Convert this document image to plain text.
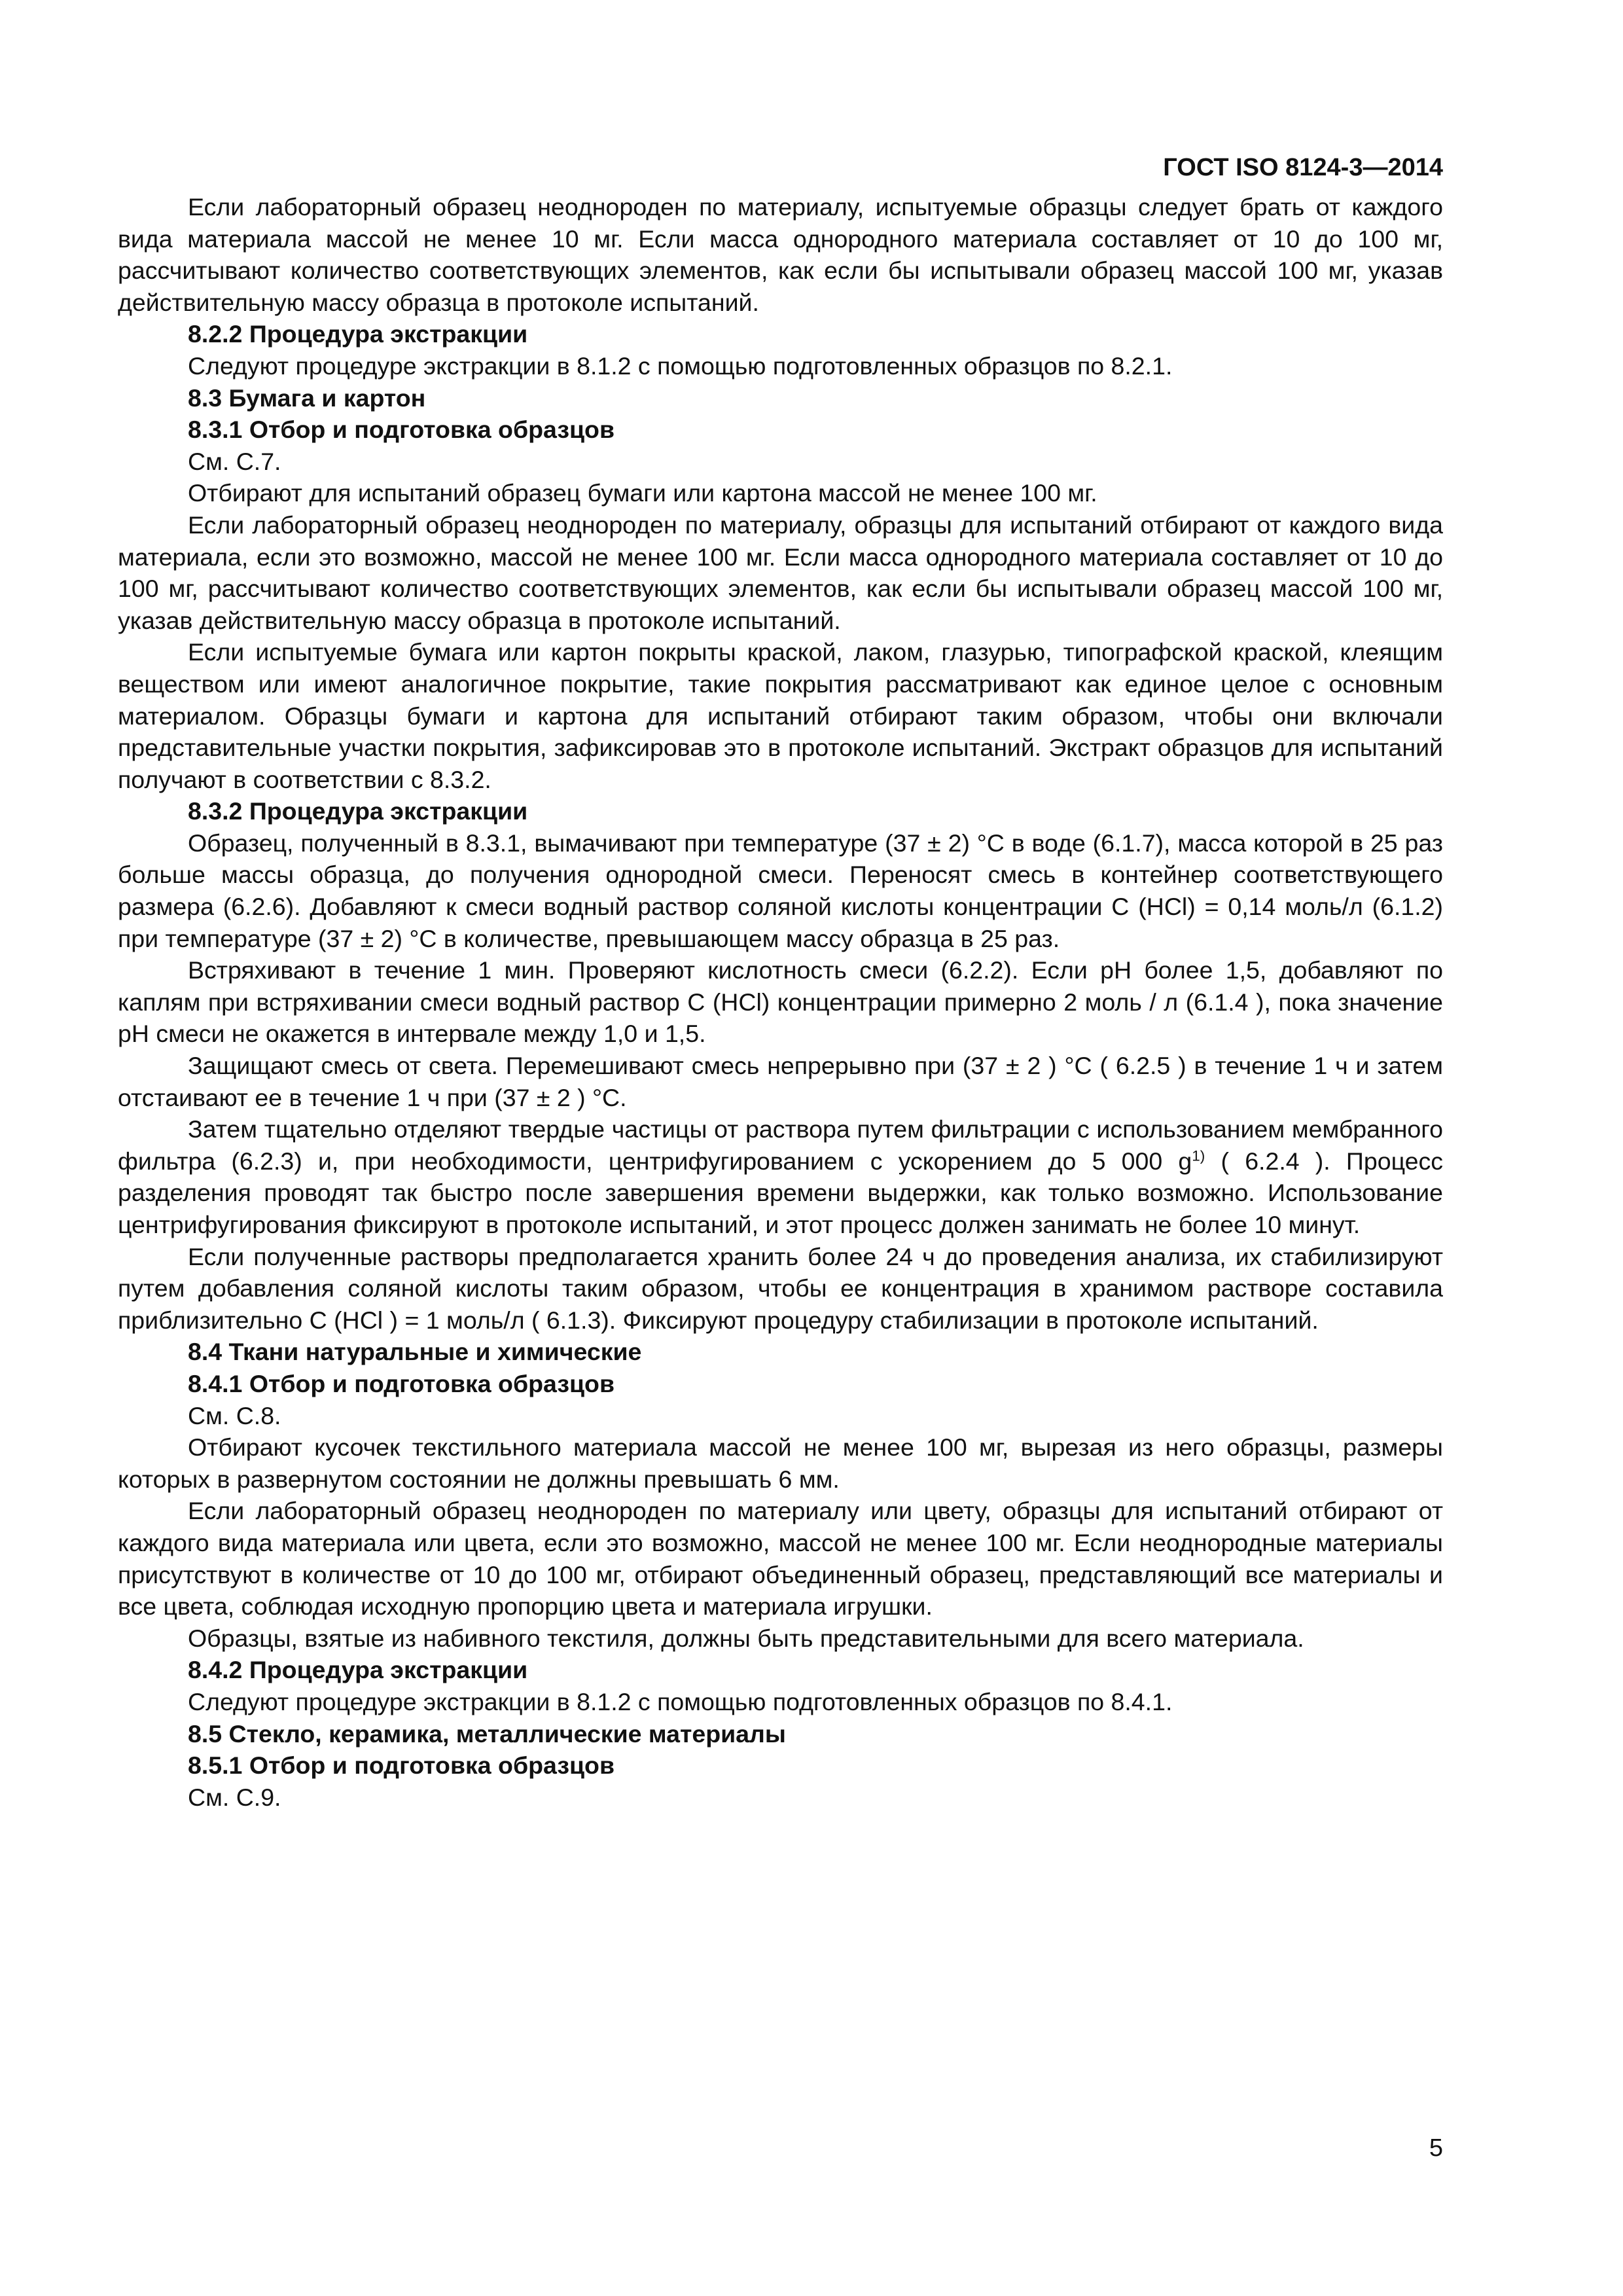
ГОСТ ISO 8124-3—2014

Если лабораторный образец неоднороден по материалу, испытуемые образцы следует брать от каждого вида материала массой не менее 10 мг. Если масса однородного материала составляет от 10 до 100 мг, рассчитывают количество соответствующих элементов, как если бы испытывали образец массой 100 мг, указав действительную массу образца в протоколе испытаний.

8.2.2 Процедура экстракции

Следуют процедуре экстракции в 8.1.2 с помощью подготовленных образцов по 8.2.1.

8.3 Бумага и картон

8.3.1 Отбор и подготовка образцов

См. С.7.

Отбирают для испытаний образец бумаги или картона массой не менее 100 мг.

Если лабораторный образец неоднороден по материалу, образцы для испытаний отбирают от каждого вида материала, если это возможно, массой не менее 100 мг. Если масса однородного материала составляет от 10 до 100 мг, рассчитывают количество соответствующих элементов, как если бы испытывали образец массой 100 мг, указав действительную массу образца в протоколе испытаний.

Если испытуемые бумага или картон покрыты краской, лаком, глазурью, типографской краской, клеящим веществом или имеют аналогичное покрытие, такие покрытия рассматривают как единое целое с основным материалом. Образцы бумаги и картона для испытаний отбирают таким образом, чтобы они включали представительные участки покрытия, зафиксировав это в протоколе испытаний. Экстракт образцов для испытаний получают в соответствии с 8.3.2.

8.3.2 Процедура экстракции

Образец, полученный в 8.3.1, вымачивают при температуре (37 ± 2) °С в воде (6.1.7), масса которой в 25 раз больше массы образца, до получения однородной смеси. Переносят смесь в контейнер соответствующего размера (6.2.6). Добавляют к смеси водный раствор соляной кислоты концентрации С (HCl) = 0,14 моль/л (6.1.2) при температуре (37 ± 2) °С в количестве, превышающем массу образца в 25 раз.

Встряхивают в течение 1 мин. Проверяют кислотность смеси (6.2.2). Если рН более 1,5, добавляют по каплям при встряхивании смеси водный раствор С (HCl) концентрации примерно 2 моль / л (6.1.4 ), пока значение рН смеси не окажется в интервале между 1,0 и 1,5.

Защищают смесь от света. Перемешивают смесь непрерывно при (37 ± 2 ) °С ( 6.2.5 ) в течение 1 ч и затем отстаивают ее в течение 1 ч при (37 ± 2 ) °С.

Затем тщательно отделяют твердые частицы от раствора путем фильтрации с использованием мембранного фильтра (6.2.3) и, при необходимости, центрифугированием с ускорением до 5 000 $g^{1)}$ ( 6.2.4 ). Процесс разделения проводят так быстро после завершения времени выдержки, как только возможно. Использование центрифугирования фиксируют в протоколе испытаний, и этот процесс должен занимать не более 10 минут.

Если полученные растворы предполагается хранить более 24 ч до проведения анализа, их стабилизируют путем добавления соляной кислоты таким образом, чтобы ее концентрация в хранимом растворе составила приблизительно С (HCl ) = 1 моль/л ( 6.1.3). Фиксируют процедуру стабилизации в протоколе испытаний.

8.4 Ткани натуральные и химические

8.4.1 Отбор и подготовка образцов

См. С.8.

Отбирают кусочек текстильного материала массой не менее 100 мг, вырезая из него образцы, размеры которых в развернутом состоянии не должны превышать 6 мм.

Если лабораторный образец неоднороден по материалу или цвету, образцы для испытаний отбирают от каждого вида материала или цвета, если это возможно, массой не менее 100 мг. Если неоднородные материалы присутствуют в количестве от 10 до 100 мг, отбирают объединенный образец, представляющий все материалы и все цвета, соблюдая исходную пропорцию цвета и материала игрушки.

Образцы, взятые из набивного текстиля, должны быть представительными для всего материала.

8.4.2 Процедура экстракции

Следуют процедуре экстракции в 8.1.2 с помощью подготовленных образцов по 8.4.1.

8.5 Стекло, керамика, металлические материалы

8.5.1 Отбор и подготовка образцов

См. С.9.

5
